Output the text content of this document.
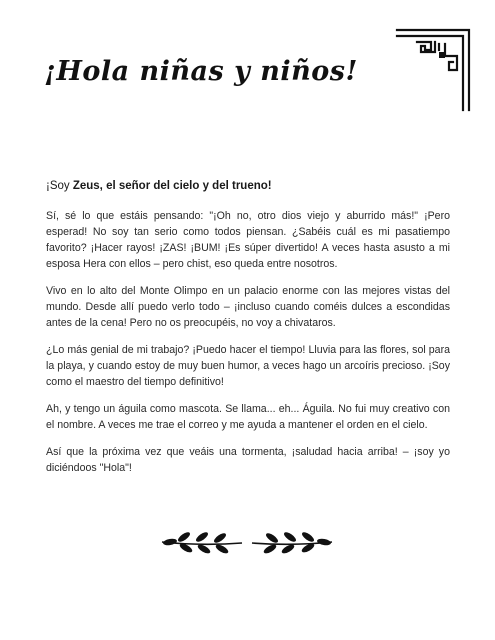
¡Hola niñas y niños!

¡Soy Zeus, el señor del cielo y del trueno!

Sí, sé lo que estáis pensando: "¡Oh no, otro dios viejo y aburrido más!" ¡Pero esperad! No soy tan serio como todos piensan. ¿Sabéis cuál es mi pasatiempo favorito? ¡Hacer rayos! ¡ZAS! ¡BUM! ¡Es súper divertido! A veces hasta asusto a mi esposa Hera con ellos – pero chist, eso queda entre nosotros.

Vivo en lo alto del Monte Olimpo en un palacio enorme con las mejores vistas del mundo. Desde allí puedo verlo todo – ¡incluso cuando coméis dulces a escondidas antes de la cena! Pero no os preocupéis, no voy a chivataros.

¿Lo más genial de mi trabajo? ¡Puedo hacer el tiempo! Lluvia para las flores, sol para la playa, y cuando estoy de muy buen humor, a veces hago un arcoíris precioso. ¡Soy como el maestro del tiempo definitivo!

Ah, y tengo un águila como mascota. Se llama... eh... Águila. No fui muy creativo con el nombre. A veces me trae el correo y me ayuda a mantener el orden en el cielo.

Así que la próxima vez que veáis una tormenta, ¡saludad hacia arriba! – ¡soy yo diciéndoos "Hola"!
